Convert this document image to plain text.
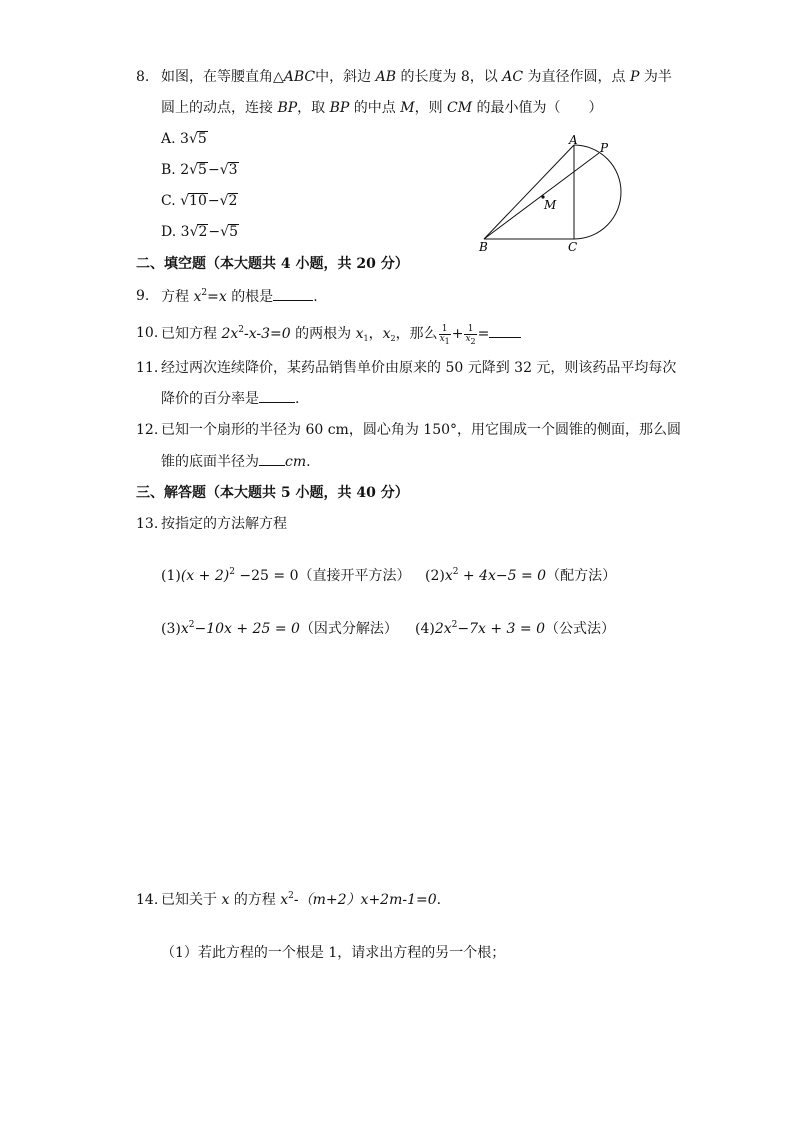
8. 如图，在等腰直角△ABC中，斜边 AB 的长度为 8，以 AC 为直径作圆，点 P 为半
圆上的动点，连接 BP，取 BP 的中点 M，则 CM 的最小值为（　　）
A. 3√5
B. 2√5−√3
C. √10−√2
D. 3√2−√5
A
P
M
B	C
二、填空题（本大题共 4 小题，共 20 分）
9. 方程 $x^2=x$ 的根是	.
10. 已知方程 $2x^2-x-3=0$ 的两根为 $x_1$，$x_2$，那么 $\frac{1}{x_1} + \frac{1}{x_2}$ =
11. 经过两次连续降价，某药品销售单价由原来的 50 元降到 32 元，则该药品平均每次
降价的百分率是	.
12. 已知一个扇形的半径为 60 cm，圆心角为 150°，用它围成一个圆锥的侧面，那么圆
锥的底面半径为 cm.
三、解答题（本大题共 5 小题，共 40 分）
13. 按指定的方法解方程
$(1)(x + 2)^2 -25 = 0$（直接开平方法） $(2)x^2 + 4x-5 = 0$（配方法）
$(3)x^2-10x + 25 = 0$（因式分解法） $(4)2x^2-7x + 3 = 0$（公式法）
14. 已知关于 x 的方程 $x^2-(m+2)x+2m-1=0$.
（1）若此方程的一个根是 1，请求出方程的另一个根；
